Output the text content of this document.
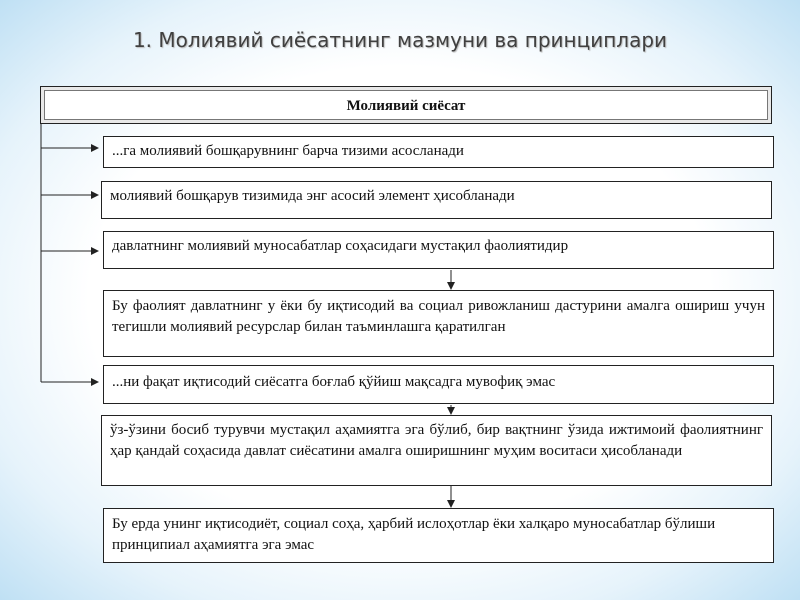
1. Молиявий сиёсатнинг мазмуни ва принциплари
Молиявий сиёсат
...га молиявий бошқарувнинг барча тизими асосланади
молиявий бошқарув тизимида энг асосий элемент ҳисобланади
давлатнинг молиявий муносабатлар соҳасидаги мустақил фаолиятидир
Бу фаолият давлатнинг у ёки бу иқтисодий ва социал ривожланиш дастурини амалга ошириш учун тегишли молиявий ресурслар билан таъминлашга қаратилган
...ни фақат иқтисодий сиёсатга боғлаб қўйиш мақсадга мувофиқ эмас
ўз-ўзини босиб турувчи мустақил аҳамиятга эга бўлиб, бир вақтнинг ўзида ижтимоий фаолиятнинг ҳар қандай соҳасида давлат сиёсатини амалга оширишнинг муҳим воситаси ҳисобланади
Бу ерда унинг иқтисодиёт, социал соҳа, ҳарбий ислоҳотлар ёки халқаро муносабатлар бўлиши принципиал аҳамиятга эга эмас
